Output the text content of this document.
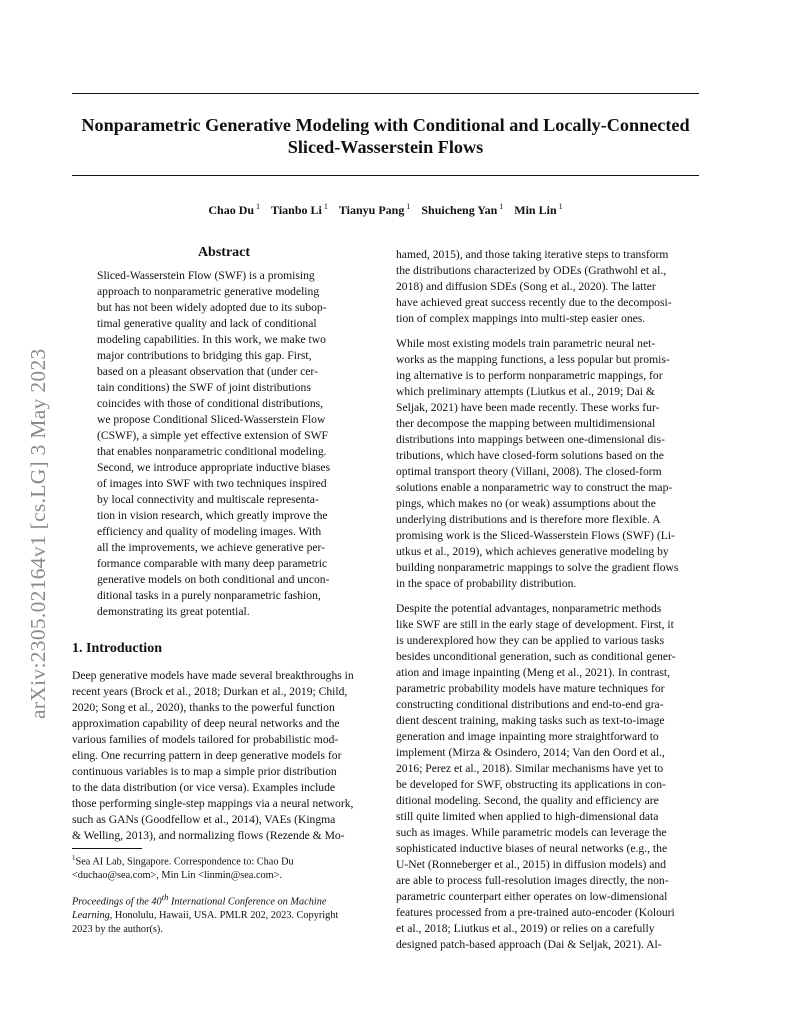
Nonparametric Generative Modeling with Conditional and Locally-Connected
Sliced-Wasserstein Flows
Chao Du $^1$ Tianbo Li $^1$ Tianyu Pang $^1$ Shuicheng Yan $^1$ Min Lin $^1$
arXiv:2305.02164v1 [cs.LG] 3 May 2023
Abstract
Sliced-Wasserstein Flow (SWF) is a promising
approach to nonparametric generative modeling
but has not been widely adopted due to its subop-
timal generative quality and lack of conditional
modeling capabilities. In this work, we make two
major contributions to bridging this gap. First,
based on a pleasant observation that (under cer-
tain conditions) the SWF of joint distributions
coincides with those of conditional distributions,
we propose Conditional Sliced-Wasserstein Flow
(CSWF), a simple yet effective extension of SWF
that enables nonparametric conditional modeling.
Second, we introduce appropriate inductive biases
of images into SWF with two techniques inspired
by local connectivity and multiscale representa-
tion in vision research, which greatly improve the
efficiency and quality of modeling images. With
all the improvements, we achieve generative per-
formance comparable with many deep parametric
generative models on both conditional and uncon-
ditional tasks in a purely nonparametric fashion,
demonstrating its great potential.
1. Introduction
Deep generative models have made several breakthroughs in
recent years (Brock et al., 2018; Durkan et al., 2019; Child,
2020; Song et al., 2020), thanks to the powerful function
approximation capability of deep neural networks and the
various families of models tailored for probabilistic mod-
eling. One recurring pattern in deep generative models for
continuous variables is to map a simple prior distribution
to the data distribution (or vice versa). Examples include
those performing single-step mappings via a neural network,
such as GANs (Goodfellow et al., 2014), VAEs (Kingma
& Welling, 2013), and normalizing flows (Rezende & Mo-
$^1$Sea AI Lab, Singapore. Correspondence to: Chao Du
<duchao@sea.com>, Min Lin <linmin@sea.com>.
Proceedings of the 40th International Conference on Machine
Learning, Honolulu, Hawaii, USA. PMLR 202, 2023. Copyright
2023 by the author(s).
hamed, 2015), and those taking iterative steps to transform
the distributions characterized by ODEs (Grathwohl et al.,
2018) and diffusion SDEs (Song et al., 2020). The latter
have achieved great success recently due to the decomposi-
tion of complex mappings into multi-step easier ones.
While most existing models train parametric neural net-
works as the mapping functions, a less popular but promis-
ing alternative is to perform nonparametric mappings, for
which preliminary attempts (Liutkus et al., 2019; Dai &
Seljak, 2021) have been made recently. These works fur-
ther decompose the mapping between multidimensional
distributions into mappings between one-dimensional dis-
tributions, which have closed-form solutions based on the
optimal transport theory (Villani, 2008). The closed-form
solutions enable a nonparametric way to construct the map-
pings, which makes no (or weak) assumptions about the
underlying distributions and is therefore more flexible. A
promising work is the Sliced-Wasserstein Flows (SWF) (Li-
utkus et al., 2019), which achieves generative modeling by
building nonparametric mappings to solve the gradient flows
in the space of probability distribution.
Despite the potential advantages, nonparametric methods
like SWF are still in the early stage of development. First, it
is underexplored how they can be applied to various tasks
besides unconditional generation, such as conditional gener-
ation and image inpainting (Meng et al., 2021). In contrast,
parametric probability models have mature techniques for
constructing conditional distributions and end-to-end gra-
dient descent training, making tasks such as text-to-image
generation and image inpainting more straightforward to
implement (Mirza & Osindero, 2014; Van den Oord et al.,
2016; Perez et al., 2018). Similar mechanisms have yet to
be developed for SWF, obstructing its applications in con-
ditional modeling. Second, the quality and efficiency are
still quite limited when applied to high-dimensional data
such as images. While parametric models can leverage the
sophisticated inductive biases of neural networks (e.g., the
U-Net (Ronneberger et al., 2015) in diffusion models) and
are able to process full-resolution images directly, the non-
parametric counterpart either operates on low-dimensional
features processed from a pre-trained auto-encoder (Kolouri
et al., 2018; Liutkus et al., 2019) or relies on a carefully
designed patch-based approach (Dai & Seljak, 2021). Al-
